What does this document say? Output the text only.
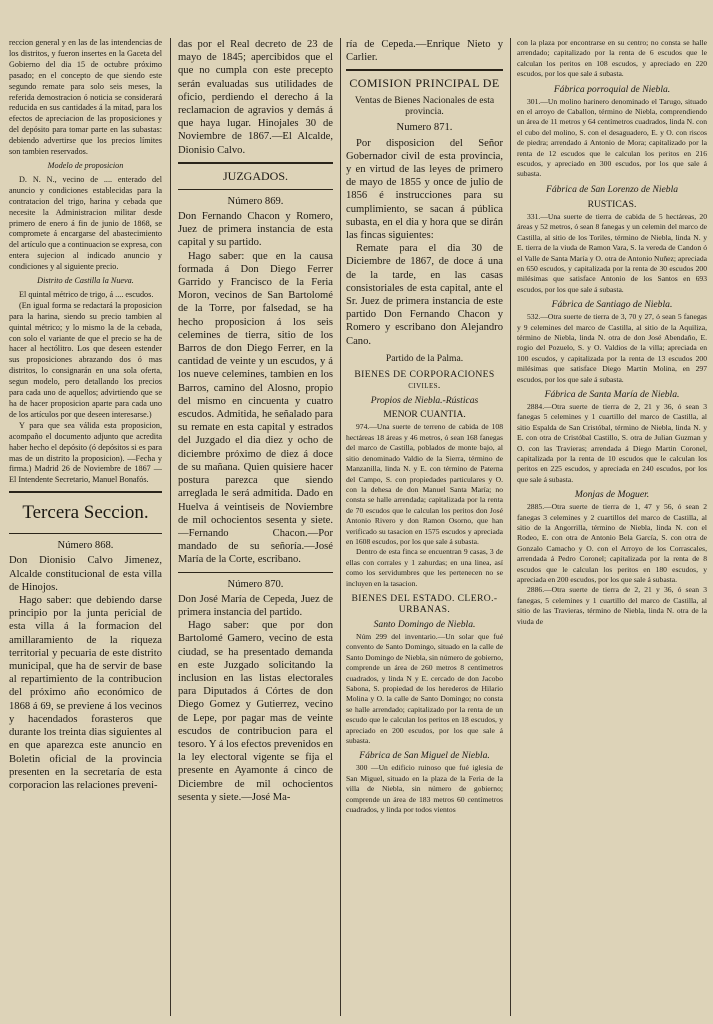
reccion general y en las de las intendencias de los distritos, y fueron insertes en la Gaceta del Gobierno del dia 15 de octubre próximo pasado; en el concepto de que siendo este segundo remate para solo seis meses, la referida demostracion ó noticia se considerará reducida en sus cantidades á la mitad, para los efectos de apreciacion de las proposiciones y del depósito para tomar parte en las subastas: debiendo advertirse que los precios límites son tambien reservados.

Modelo de proposicion

D. N. N., vecino de .... enterado del anuncio y condiciones establecidas para la contratacion del trigo, harina y cebada que necesite la Administracion militar desde primero de enero á fin de junio de 1868, se compromete á encargarse del abastecimiento del artículo que a continuacion se expresa, con entera sujecion al indicado anuncio y condiciones y al siguiente precio.

Distrito de Castilla la Nueva.

El quintal métrico de trigo, á .... escudos.

(En igual forma se redactará la proposicion para la harina, siendo su precio tambien al quintal métrico; y lo mismo la de la cebada, con solo el variante de que el precio se ha de hacer al hectólitro. Los que deseen estender sus proposiciones abrazando dos ó mas distritos, lo consignarán en una sola oferta, segun modelo, pero detallando los precios para cada uno de aquellos; advirtiendo que se ha de hacer proposicion aparte para cada uno de los artículos por que deseen interesarse.)

Y para que sea válida esta proposicion, acompaño el documento adjunto que acredita haber hecho el depósito (ó depósitos si es para mas de un distrito la proposicion). —Fecha y firma.) Madrid 26 de Noviembre de 1867 — El Intendente Secretario, Manuel Bonafós.

Tercera Seccion.
Número 868.

Don Dionisio Calvo Jimenez, Alcalde constitucional de esta villa de Hinojos.

Hago saber: que debiendo darse principio por la junta pericial de esta villa á la formacion del amillaramiento de la riqueza territorial y pecuaria de este distrito municipal, que ha de servir de base al repartimiento de la contribucion del próximo año económico de 1868 á 69, se previene á los vecinos y hacendados forasteros que durante los treinta dias siguientes al en que aparezca este anuncio en Boletin oficial de la provincia presenten en la secretaría de esta corporacion las relaciones preveni-

das por el Real decreto de 23 de mayo de 1845; apercibidos que el que no cumpla con este precepto serán evaluadas sus utilidades de oficio, perdiendo el derecho á la reclamacion de agravios y demás á que haya lugar. Hinojales 30 de Noviembre de 1867.—El Alcalde, Dionisio Calvo.

JUZGADOS.
Número 869.

Don Fernando Chacon y Romero, Juez de primera instancia de esta capital y su partido.

Hago saber: que en la causa formada á Don Diego Ferrer Garrido y Francisco de la Feria Moron, vecinos de San Bartolomé de la Torre, por falsedad, se ha hecho proposicion á los seis celemines de tierra, sitio de los Barros de don Diego Ferrer, en la cantidad de veinte y un escudos, y á los nueve celemines, tambien en los Barros, camino del Alosno, propio del mismo en cincuenta y cuatro escudos. Admitida, he señalado para su remate en esta capital y estrados del Juzgado el dia diez y ocho de diciembre próximo de diez á doce de su mañana. Quien quisiere hacer postura parezca que siendo arreglada le será admitida. Dado en Huelva á veintiseis de Noviembre de mil ochocientos sesenta y siete. —Fernando Chacon.—Por mandado de su señoría.—José María de la Corte, escribano.

Número 870.

Don José María de Cepeda, Juez de primera instancia del partido.

Hago saber: que por don Bartolomé Gamero, vecino de esta ciudad, se ha presentado demanda en este Juzgado solicitando la inclusion en las listas electorales para Diputados á Córtes de don Diego Gomez y Gutierrez, vecino de Lepe, por pagar mas de veinte escudos de contribucion para el tesoro. Y á los efectos prevenidos en la ley electoral vigente se fija el presente en Ayamonte á cinco de Diciembre de mil ochocientos sesenta y siete.—José Ma-

ría de Cepeda.—Enrique Nieto y Carlier.

COMISION PRINCIPAL DE
Ventas de Bienes Nacionales de esta provincia.
Numero 871.

Por disposicion del Señor Gobernador civil de esta provincia, y en virtud de las leyes de primero de mayo de 1855 y once de julio de 1856 é instrucciones para su cumplimiento, se sacan á pública subasta, en el dia y hora que se dirán las fincas siguientes:

Remate para el dia 30 de Diciembre de 1867, de doce á una de la tarde, en las casas consistoriales de esta capital, ante el Sr. Juez de primera instancia de este partido Don Fernando Chacon y Romero y escribano don Alejandro Cano.

Partido de la Palma.
BIENES DE CORPORACIONES civiles.
Propios de Niebla.-Rústicas
MENOR CUANTIA.

974.—Una suerte de terreno de cabida de 108 hectáreas 18 áreas y 46 metros, ó sean 168 fanegas del marco de Castilla, poblados de monte bajo, al sitio denominado Valdio de la Sierra, término de Manzanilla, linda N. y E. con término de Paterna del Campo, S. con propiedades particulares y O. con la dehesa de don Manuel Santa María; no consta se halle arrendada; capitalizada por la renta de 70 escudos que le calculan los peritos don José Antonio Rivero y don Ramon Osorno, que han verificado su tasacion en 1575 escudos y apreciada en 1608 escudos, por los que sale á subasta.

Dentro de esta finca se encuentran 9 casas, 3 de ellas con corrales y 1 zahurdas; en una linea, así como los servidumbres que les pertenecen no se incluyen en la tasacion.

BIENES DEL ESTADO. CLERO.- URBANAS.
Santo Domingo de Niebla.

Núm 299 del inventario.—Un solar que fué convento de Santo Domingo, situado en la calle de Santo Domingo de Niebla, sin número de gobierno, comprende un área de 260 metros 8 centímetros cuadrados, y linda N y E. cercado de don Jacobo Sabona, S. propiedad de los herederos de Hilario Molina y O. la calle de Santo Domingo; no consta se halle arrendado; capitalizado por la renta de un escudo que le calculan los peritos en 18 escudos, y apreciado en 200 escudos, por los que sale á subasta.

Fábrica de San Miguel de Niebla.

300 —Un edificio ruinoso que fué iglesia de San Miguel, situado en la plaza de la Feria de la villa de Niebla, sin número de gobierno; comprende un área de 183 metros 60 centímetros cuadrados, y linda por todos vientos

con la plaza por encontrarse en su centro; no consta se halle arrendado; capitalizado por la renta de 6 escudos que le calculan los peritos en 108 escudos, y apreciado en 220 escudos, por los que sale á subasta.

Fábrica porroquial de Niebla.

301.—Un molino harinero denominado el Tarugo, situado en el arroyo de Caballon, término de Niebla, comprendiendo un área de 11 metros y 64 centímetros cuadrados, linda N. con el cubo del molino, S. con el desaguadero, E. y O. con riscos de piedra; arrendado á Antonio de Mora; capitalizado por la renta de 12 escudos que le calculan los peritos en 216 escudos, y apreciado en 300 escudos, por los que sale á subasta.

Fábrica de San Lorenzo de Niebla
RUSTICAS.

331.—Una suerte de tierra de cabida de 5 hectáreas, 20 áreas y 52 metros, ó sean 8 fanegas y un celemin del marco de Castilla, al sitio de los Toriles, término de Niebla, linda N. y E. tierra de la viuda de Ramon Vara, S. la vereda de Candon ó el Valle de Santa María y O. otra de Antonio Nuñez; apreciada en 650 escudos, y capitalizada por la renta de 30 escudos 200 milésimas que satisface Antonio de los Santos en 693 escudos, por los que sale á subasta.

Fábrica de Santiago de Niebla.

532.—Otra suerte de tierra de 3, 70 y 27, ó sean 5 fanegas y 9 celemines del marco de Castilla, al sitio de la Aquiliza, término de Niebla, linda N. otra de don José Abendaño, E. rogio del Pozuelo, S. y O. Valdios de la villa; apreciada en 100 escudos, y capitalizada por la renta de 13 escudos 200 milésimas que satisface Diego Martin Molina, en 297 escudos, por los que sale á subasta.

Fábrica de Santa María de Niebla.

2884.—Otra suerte de tierra de 2, 21 y 36, ó sean 3 fanegas 5 celemines y 1 cuartillo del marco de Castilla, al sitio Espalda de San Cristóbal, término de Niebla, linda N. y E. con otra de Cristóbal Castillo, S. otra de Julian Guzman y O. con las Travieras; arrendada á Diego Martin Coronel, capitalizada por la renta de 10 escudos que le calculan los peritos en 225 escudos, y apreciada en 240 escudos, por los que sale á subasta.

Monjas de Moguer.

2885.—Otra suerte de tierra de 1, 47 y 56, ó sean 2 fanegas 3 celemines y 2 cuartillos del marco de Castilla, al sitio de la Angorrilla, término de Niebla, linda N. con el Rodeo, E. con otra de Antonio Bela García, S. con otra de Gonzalo Camacho y O. con el Arroyo de los Corrascales, arrendada á Pedro Coronel; capitalizada por la renta de 8 escudos que le calculan los peritos en 180 escudos, y apreciada en 200 escudos, por los que sale á subasta.

2886.—Otra suerte de tierra de 2, 21 y 36, ó sean 3 fanegas, 5 celemines y 1 cuartillo del marco de Castilla, al sitio de las Travieras, término de Niebla, linda N. otra de la viuda de
